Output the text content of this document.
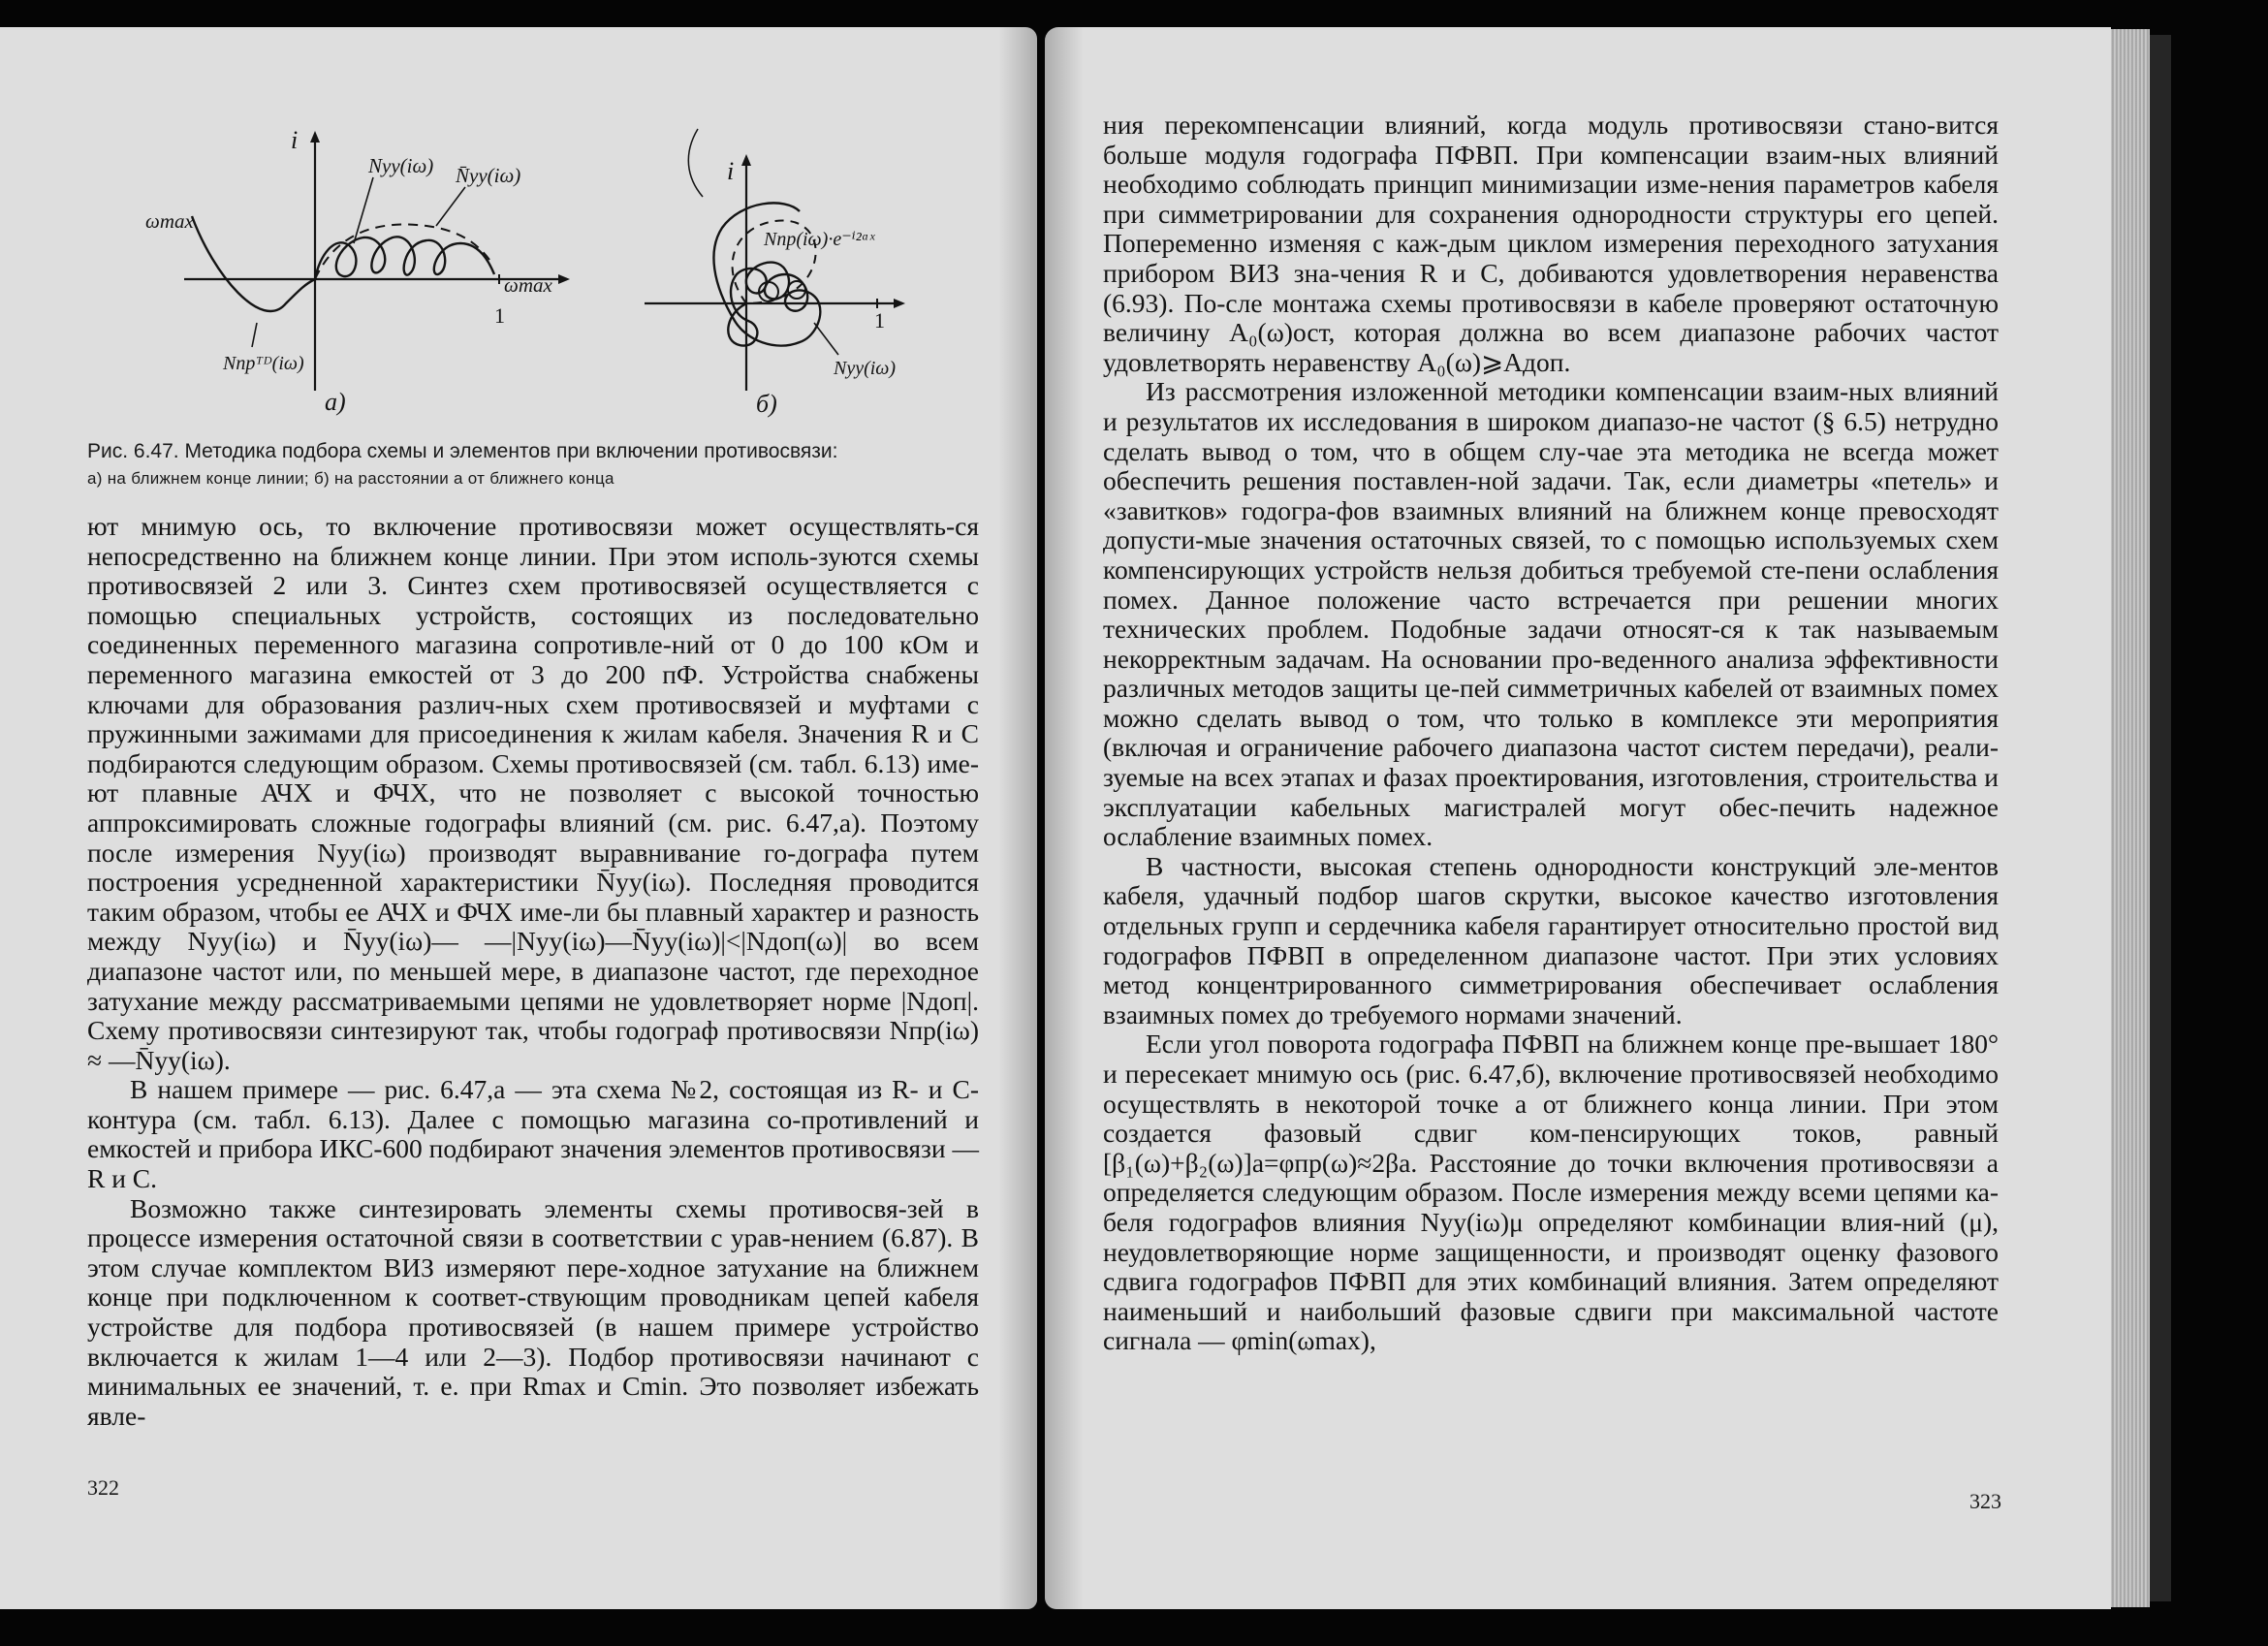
i
1
Nyy(iω) N̄yy(iω)
ωmax
ωmax
Nпрᵀᴰ(iω)
а)
i
1
Nпр(iω)·e⁻ⁱ²ᵅˣ
Nyy(iω)
б)
Рис. 6.47. Методика подбора схемы и элементов при включении противосвязи:
а) на ближнем конце линии; б) на расстоянии а от ближнего конца

ют мнимую ось, то включение противосвязи может осуществлять-ся непосредственно на ближнем конце линии. При этом исполь-зуются схемы противосвязей 2 или 3. Синтез схем противосвязей осуществляется с помощью специальных устройств, состоящих из последовательно соединенных переменного магазина сопротивле-ний от 0 до 100 кОм и переменного магазина емкостей от 3 до 200 пФ. Устройства снабжены ключами для образования различ-ных схем противосвязей и муфтами с пружинными зажимами для присоединения к жилам кабеля. Значения R и C подбираются следующим образом. Схемы противосвязей (см. табл. 6.13) име-ют плавные АЧХ и ФЧХ, что не позволяет с высокой точностью аппроксимировать сложные годографы влияний (см. рис. 6.47,а). Поэтому после измерения Nуу(iω) производят выравнивание го-дографа путем построения усредненной характеристики N̄уу(iω). Последняя проводится таким образом, чтобы ее АЧХ и ФЧХ име-ли бы плавный характер и разность между Nуу(iω) и N̄уу(iω)— —|Nуу(iω)—N̄уу(iω)|<|Nдоп(ω)| во всем диапазоне частот или, по меньшей мере, в диапазоне частот, где переходное затухание между рассматриваемыми цепями не удовлетворяет норме |Nдоп|. Схему противосвязи синтезируют так, чтобы годограф противосвязи Nпр(iω) ≈ —N̄уу(iω).

В нашем примере — рис. 6.47,а — эта схема №2, состоящая из R- и C-контура (см. табл. 6.13). Далее с помощью магазина со-противлений и емкостей и прибора ИКС-600 подбирают значения элементов противосвязи — R и C.

Возможно также синтезировать элементы схемы противосвя-зей в процессе измерения остаточной связи в соответствии с урав-нением (6.87). В этом случае комплектом ВИЗ измеряют пере-ходное затухание на ближнем конце при подключенном к соответ-ствующим проводникам цепей кабеля устройстве для подбора противосвязей (в нашем примере устройство включается к жилам 1—4 или 2—3). Подбор противосвязи начинают с минимальных ее значений, т. е. при Rmax и Cmin. Это позволяет избежать явле-

322

ния перекомпенсации влияний, когда модуль противосвязи стано-вится больше модуля годографа ПФВП. При компенсации взаим-ных влияний необходимо соблюдать принцип минимизации изме-нения параметров кабеля при симметрировании для сохранения однородности структуры его цепей. Попеременно изменяя с каж-дым циклом измерения переходного затухания прибором ВИЗ зна-чения R и C, добиваются удовлетворения неравенства (6.93). По-сле монтажа схемы противосвязи в кабеле проверяют остаточную величину A₀(ω)ост, которая должна во всем диапазоне рабочих частот удовлетворять неравенству A₀(ω)⩾Aдоп.

Из рассмотрения изложенной методики компенсации взаим-ных влияний и результатов их исследования в широком диапазо-не частот (§ 6.5) нетрудно сделать вывод о том, что в общем слу-чае эта методика не всегда может обеспечить решения поставлен-ной задачи. Так, если диаметры «петель» и «завитков» годогра-фов взаимных влияний на ближнем конце превосходят допусти-мые значения остаточных связей, то с помощью используемых схем компенсирующих устройств нельзя добиться требуемой сте-пени ослабления помех. Данное положение часто встречается при решении многих технических проблем. Подобные задачи относят-ся к так называемым некорректным задачам. На основании про-веденного анализа эффективности различных методов защиты це-пей симметричных кабелей от взаимных помех можно сделать вывод о том, что только в комплексе эти мероприятия (включая и ограничение рабочего диапазона частот систем передачи), реали-зуемые на всех этапах и фазах проектирования, изготовления, строительства и эксплуатации кабельных магистралей могут обес-печить надежное ослабление взаимных помех.

В частности, высокая степень однородности конструкций эле-ментов кабеля, удачный подбор шагов скрутки, высокое качество изготовления отдельных групп и сердечника кабеля гарантирует относительно простой вид годографов ПФВП в определенном диапазоне частот. При этих условиях метод концентрированного симметрирования обеспечивает ослабления взаимных помех до требуемого нормами значений.

Если угол поворота годографа ПФВП на ближнем конце пре-вышает 180° и пересекает мнимую ось (рис. 6.47,б), включение противосвязей необходимо осуществлять в некоторой точке a от ближнего конца линии. При этом создается фазовый сдвиг ком-пенсирующих токов, равный [β₁(ω)+β₂(ω)]a=φпр(ω)≈2βa. Расстояние до точки включения противосвязи a определяется следующим образом. После измерения между всеми цепями ка-беля годографов влияния Nуу(iω)μ определяют комбинации влия-ний (μ), неудовлетворяющие норме защищенности, и производят оценку фазового сдвига годографов ПФВП для этих комбинаций влияния. Затем определяют наименьший и наибольший фазовые сдвиги при максимальной частоте сигнала — φmin(ωmax),

323
